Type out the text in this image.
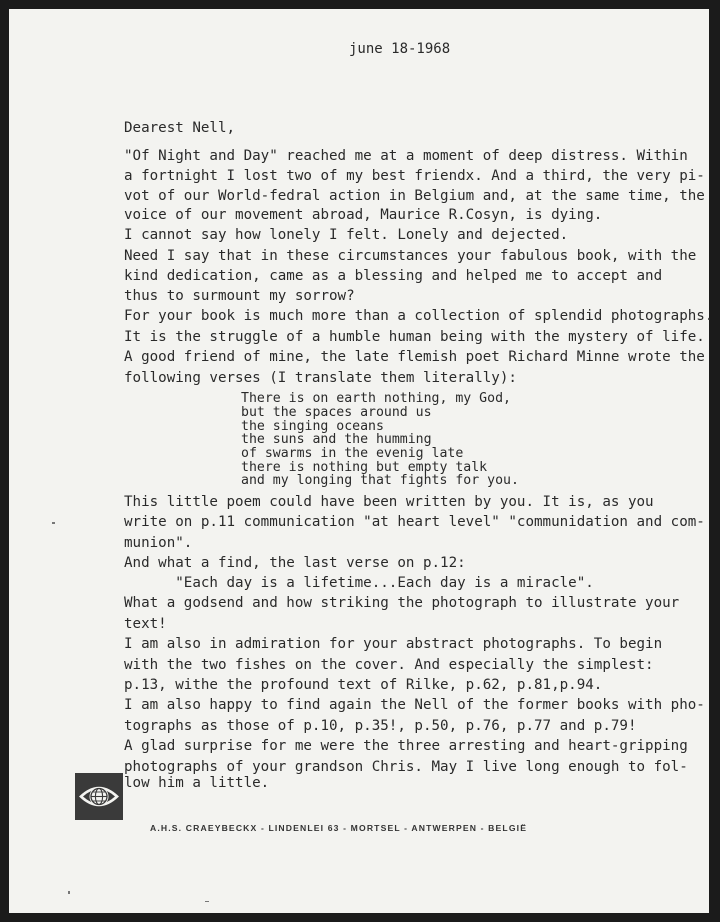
june 18-1968
Dearest Nell,
"Of Night and Day" reached me at a moment of deep distress. Within
a fortnight I lost two of my best friendx. And a third, the very pi-
vot of our World-fedral action in Belgium and, at the same time, the
voice of our movement abroad, Maurice R.Cosyn, is dying.
I cannot say how lonely I felt. Lonely and dejected.
Need I say that in these circumstances your fabulous book, with the
kind dedication, came as a blessing and helped me to accept and
thus to surmount my sorrow?
For your book is much more than a collection of splendid photographs.
It is the struggle of a humble human being with the mystery of life.
A good friend of mine, the late flemish poet Richard Minne wrote the
following verses (I translate them literally):
There is on earth nothing, my God,
but the spaces around us
the singing oceans
the suns and the humming
of swarms in the evenig late
there is nothing but empty talk
and my longing that fights for you.
This little poem could have been written by you. It is, as you
write on p.11 communication "at heart level" "communidation and com-
munion".
And what a find, the last verse on p.12:
"Each day is a lifetime...Each day is a miracle".
What a godsend and how striking the photograph to illustrate your
text!
I am also in admiration for your abstract photographs. To begin
with the two fishes on the cover. And especially the simplest:
p.13, withe the profound text of Rilke, p.62, p.81,p.94.
I am also happy to find again the Nell of the former books with pho-
tographs as those of p.10, p.35!, p.50, p.76, p.77 and p.79!
A glad surprise for me were the three arresting and heart-gripping
photographs of your grandson Chris. May I live long enough to fol-
low him a little.
A.H.S. CRAEYBECKX - LINDENLEI 63 - MORTSEL - ANTWERPEN - BELGIË
